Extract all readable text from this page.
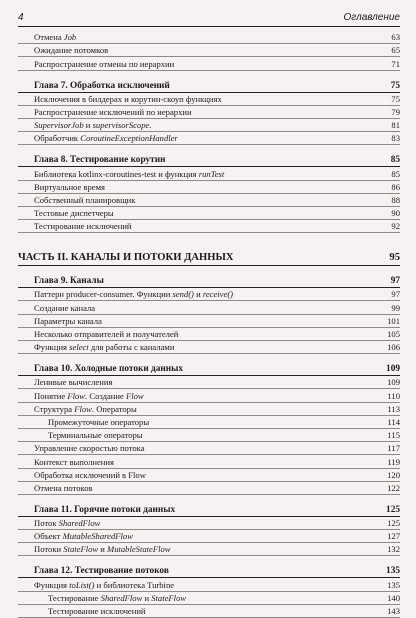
4	Оглавление
Отмена Job	63
Ожидание потомков	65
Распространение отмены по иерархии	71
Глава 7. Обработка исключений	75
Исключения в билдерах и корутин-скоуп функциях	75
Распространение исключений по иерархии	79
SupervisorJob и supervisorScope.	81
Обработчик CoroutineExceptionHandler	83
Глава 8. Тестирование корутин	85
Библиотека kotlinx-coroutines-test и функция runTest	85
Виртуальное время	86
Собственный планировщик	88
Тестовые диспетчеры	90
Тестирование исключений	92
ЧАСТЬ II. КАНАЛЫ И ПОТОКИ ДАННЫХ	95
Глава 9. Каналы	97
Паттерн producer-consumer. Функции send() и receive()	97
Создание канала	99
Параметры канала	101
Несколько отправителей и получателей	105
Функция select для работы с каналами	106
Глава 10. Холодные потоки данных	109
Ленивые вычисления	109
Понятие Flow. Создание Flow	110
Структура Flow. Операторы	113
Промежуточные операторы	114
Терминальные операторы	115
Управление скоростью потока	117
Контекст выполнения	119
Обработка исключений в Flow	120
Отмена потоков	122
Глава 11. Горячие потоки данных	125
Поток SharedFlow	125
Объект MutableSharedFlow	127
Потоки StateFlow и MutableStateFlow	132
Глава 12. Тестирование потоков	135
Функция toList() и библиотека Turbine	135
Тестирование SharedFlow и StateFlow	140
Тестирование исключений	143
